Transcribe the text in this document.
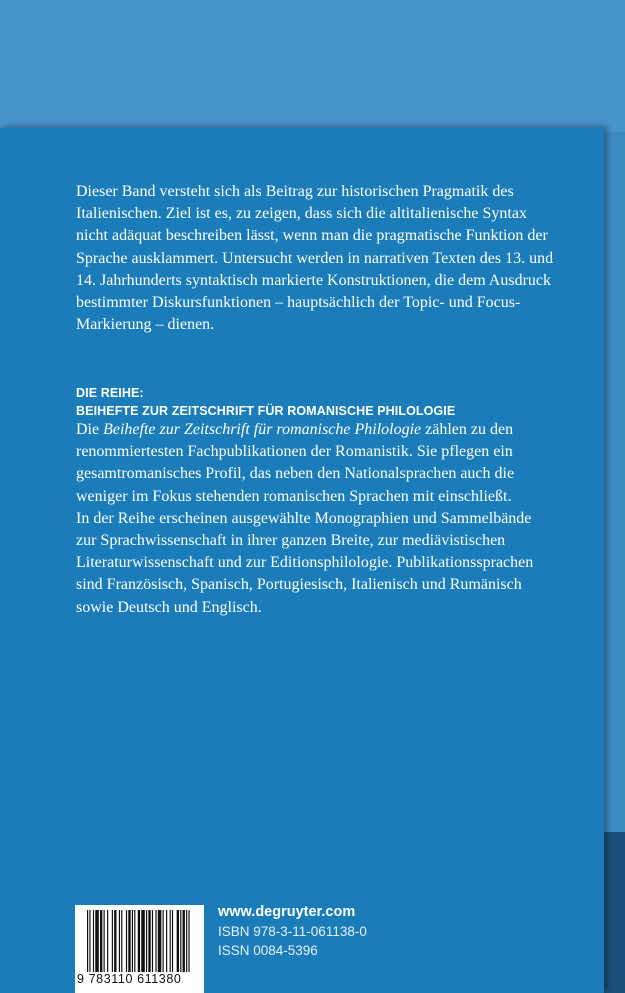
Dieser Band versteht sich als Beitrag zur historischen Pragmatik des
Italienischen. Ziel ist es, zu zeigen, dass sich die altitalienische Syntax
nicht adäquat beschreiben lässt, wenn man die pragmatische Funktion der
Sprache ausklammert. Untersucht werden in narrativen Texten des 13. und
14. Jahrhunderts syntaktisch markierte Konstruktionen, die dem Ausdruck
bestimmter Diskursfunktionen – hauptsächlich der Topic- und Focus-
Markierung – dienen.
DIE REIHE:
BEIHEFTE ZUR ZEITSCHRIFT FÜR ROMANISCHE PHILOLOGIE
Die Beihefte zur Zeitschrift für romanische Philologie zählen zu den
renommiertesten Fachpublikationen der Romanistik. Sie pflegen ein
gesamtromanisches Profil, das neben den Nationalsprachen auch die
weniger im Fokus stehenden romanischen Sprachen mit einschließt.
In der Reihe erscheinen ausgewählte Monographien und Sammelbände
zur Sprachwissenschaft in ihrer ganzen Breite, zur mediävistischen
Literaturwissenschaft und zur Editionsphilologie. Publikationssprachen
sind Französisch, Spanisch, Portugiesisch, Italienisch und Rumänisch
sowie Deutsch und Englisch.
9 783110 611380
www.degruyter.com
ISBN 978-3-11-061138-0
ISSN 0084-5396
